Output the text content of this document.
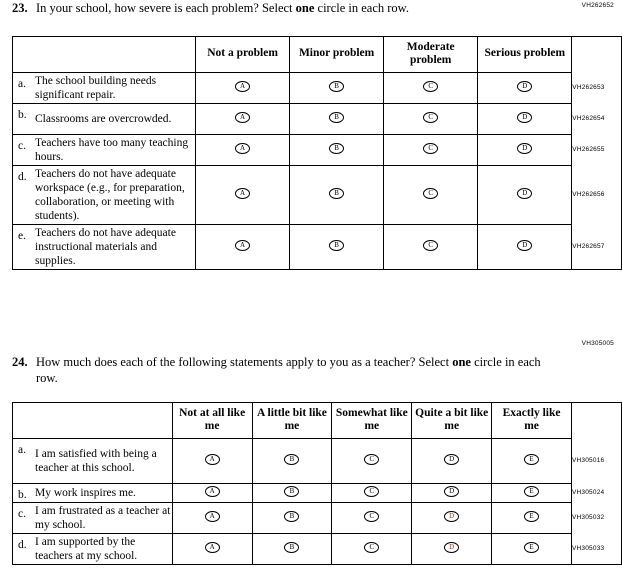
VH262652
23. In your school, how severe is each problem? Select one circle in each row.
	Not a problem	Minor problem	Moderate problem	Serious problem	

a. The school building needs significant repair.	A	B	C	D	VH262653

b. Classrooms are overcrowded.	A	B	C	D	VH262654

c. Teachers have too many teaching hours.	A	B	C	D	VH262655

d. Teachers do not have adequate workspace (e.g., for preparation, collaboration, or meeting with students).	A	B	C	D	VH262656

e. Teachers do not have adequate instructional materials and supplies.	A	B	C	D	VH262657
VH305005
24. How much does each of the following statements apply to you as a teacher? Select one circle in each row.
	Not at all like me	A little bit like me	Somewhat like me	Quite a bit like me	Exactly like me	

a. I am satisfied with being a teacher at this school.	A	B	C	D	E	VH305016

b. My work inspires me.	A	B	C	D	E	VH305024

c. I am frustrated as a teacher at my school.	A	B	C	D	E	VH305032

d. I am supported by the teachers at my school.	A	B	C	D	E	VH305033
